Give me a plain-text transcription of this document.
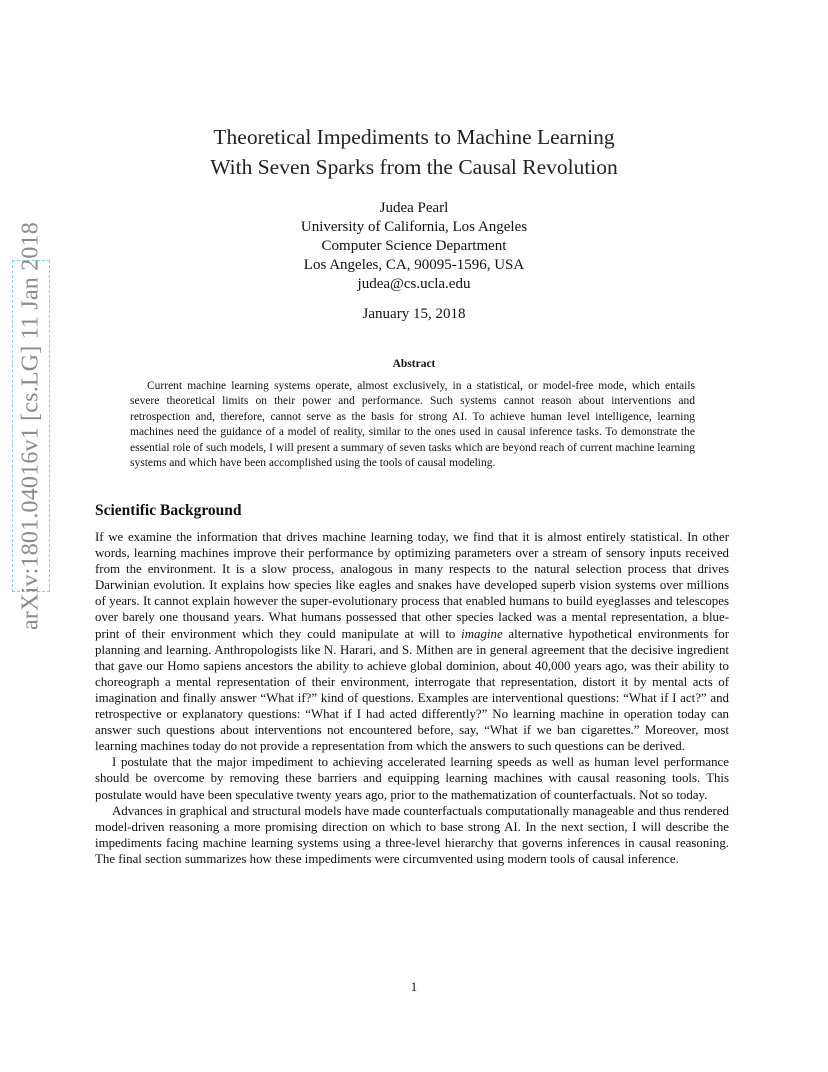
arXiv:1801.04016v1 [cs.LG] 11 Jan 2018
Theoretical Impediments to Machine Learning
With Seven Sparks from the Causal Revolution
Judea Pearl
University of California, Los Angeles
Computer Science Department
Los Angeles, CA, 90095-1596, USA
judea@cs.ucla.edu
January 15, 2018
Abstract
Current machine learning systems operate, almost exclusively, in a statistical, or model-free mode, which entails severe theoretical limits on their power and performance. Such systems cannot reason about interventions and retrospection and, therefore, cannot serve as the basis for strong AI. To achieve human level intelligence, learning machines need the guidance of a model of reality, similar to the ones used in causal inference tasks. To demonstrate the essential role of such models, I will present a summary of seven tasks which are beyond reach of current machine learning systems and which have been accomplished using the tools of causal modeling.
Scientific Background

If we examine the information that drives machine learning today, we find that it is almost entirely statistical. In other words, learning machines improve their performance by optimizing parameters over a stream of sensory inputs received from the environment. It is a slow process, analogous in many respects to the natural selection process that drives Darwinian evolution. It explains how species like eagles and snakes have developed superb vision systems over millions of years. It cannot explain however the super-evolutionary process that enabled humans to build eyeglasses and telescopes over barely one thousand years. What humans possessed that other species lacked was a mental representation, a blue-print of their environment which they could manipulate at will to imagine alternative hypothetical environments for planning and learning. Anthropologists like N. Harari, and S. Mithen are in general agreement that the decisive ingredient that gave our Homo sapiens ancestors the ability to achieve global dominion, about 40,000 years ago, was their ability to choreograph a mental representation of their environment, interrogate that representation, distort it by mental acts of imagination and finally answer “What if?” kind of questions. Examples are interventional questions: “What if I act?” and retrospective or explanatory questions: “What if I had acted differently?” No learning machine in operation today can answer such questions about interventions not encountered before, say, “What if we ban cigarettes.” Moreover, most learning machines today do not provide a representation from which the answers to such questions can be derived.

I postulate that the major impediment to achieving accelerated learning speeds as well as human level performance should be overcome by removing these barriers and equipping learning machines with causal reasoning tools. This postulate would have been speculative twenty years ago, prior to the mathematization of counterfactuals. Not so today.

Advances in graphical and structural models have made counterfactuals computationally manageable and thus rendered model-driven reasoning a more promising direction on which to base strong AI. In the next section, I will describe the impediments facing machine learning systems using a three-level hierarchy that governs inferences in causal reasoning. The final section summarizes how these impediments were circumvented using modern tools of causal inference.

1
